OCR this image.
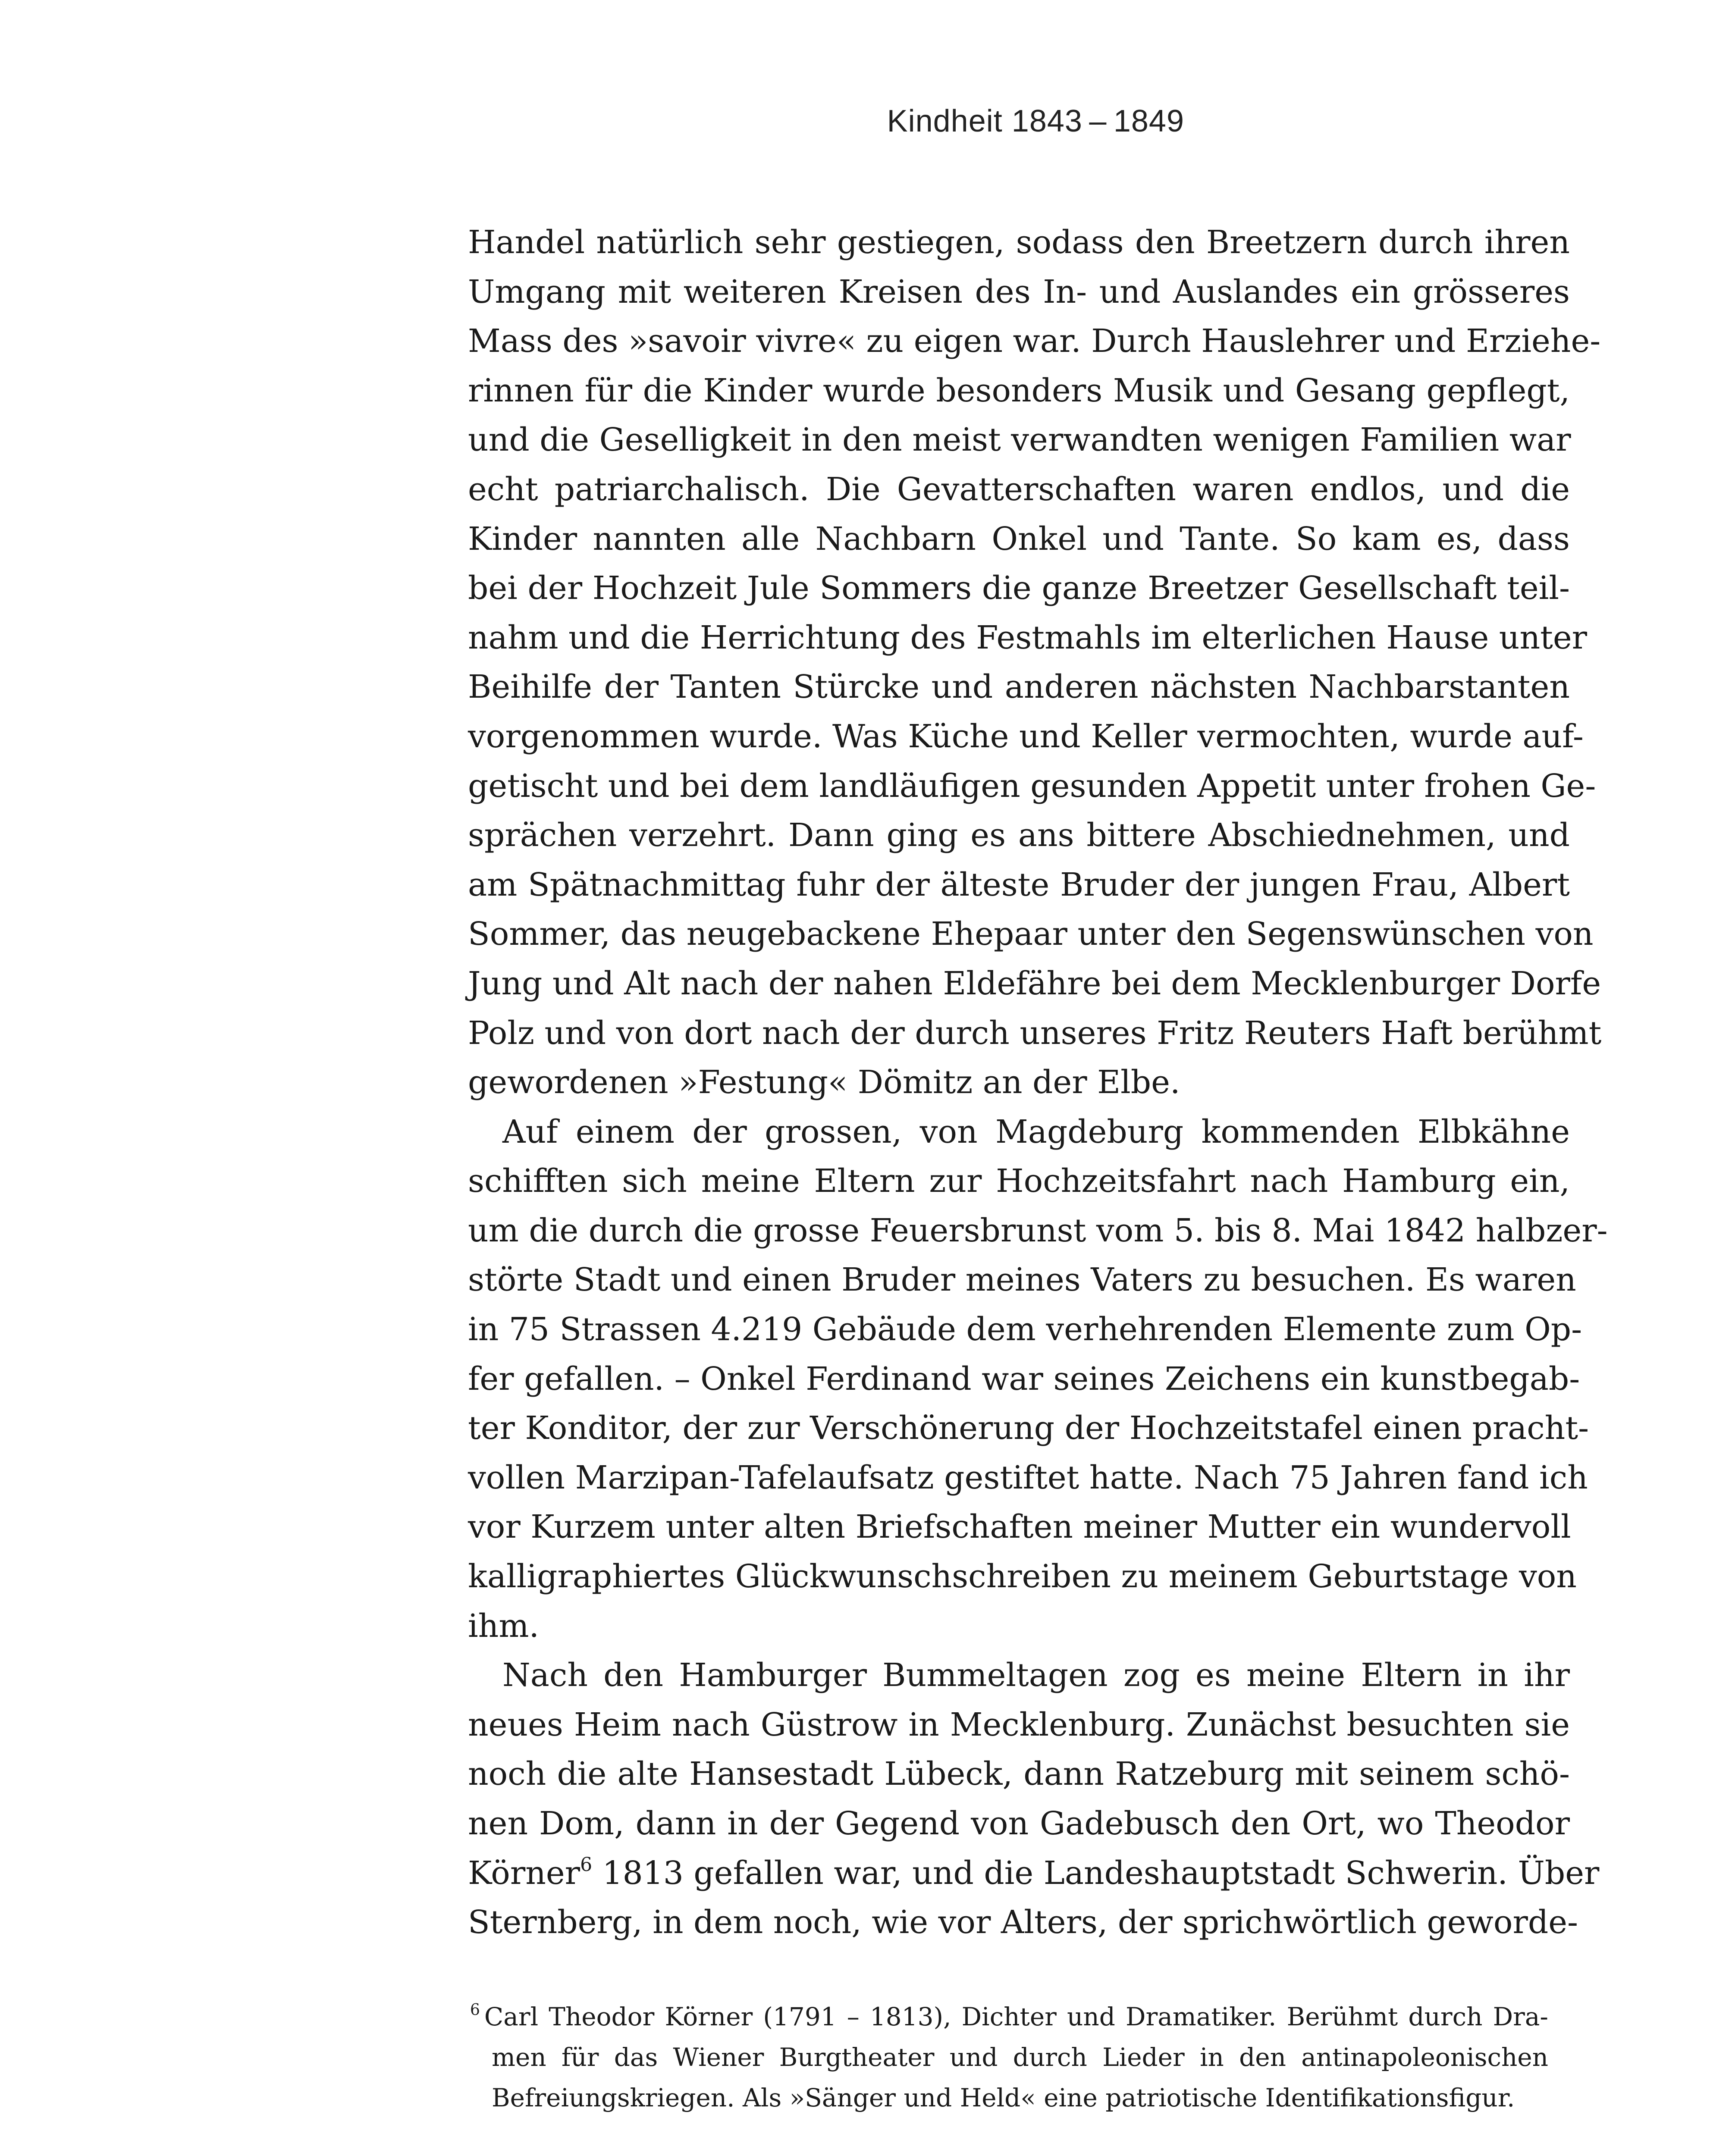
Kindheit 1843 – 1849
Handel natürlich sehr gestiegen, sodass den Breetzern durch ihren
Umgang mit weiteren Kreisen des In- und Auslandes ein grösseres
Mass des »savoir vivre« zu eigen war. Durch Hauslehrer und Erziehe-
rinnen für die Kinder wurde besonders Musik und Gesang gepflegt,
und die Geselligkeit in den meist verwandten wenigen Familien war
echt patriarchalisch. Die Gevatterschaften waren endlos, und die
Kinder nannten alle Nachbarn Onkel und Tante. So kam es, dass
bei der Hochzeit Jule Sommers die ganze Breetzer Gesellschaft teil-
nahm und die Herrichtung des Festmahls im elterlichen Hause unter
Beihilfe der Tanten Stürcke und anderen nächsten Nachbarstanten
vorgenommen wurde. Was Küche und Keller vermochten, wurde auf-
getischt und bei dem landläufigen gesunden Appetit unter frohen Ge-
sprächen verzehrt. Dann ging es ans bittere Abschiednehmen, und
am Spätnachmittag fuhr der älteste Bruder der jungen Frau, Albert
Sommer, das neugebackene Ehepaar unter den Segenswünschen von
Jung und Alt nach der nahen Eldefähre bei dem Mecklenburger Dorfe
Polz und von dort nach der durch unseres Fritz Reuters Haft berühmt
gewordenen »Festung« Dömitz an der Elbe.
Auf einem der grossen, von Magdeburg kommenden Elbkähne
schifften sich meine Eltern zur Hochzeitsfahrt nach Hamburg ein,
um die durch die grosse Feuersbrunst vom 5. bis 8. Mai 1842 halbzer-
störte Stadt und einen Bruder meines Vaters zu besuchen. Es waren
in 75 Strassen 4.219 Gebäude dem verhehrenden Elemente zum Op-
fer gefallen. – Onkel Ferdinand war seines Zeichens ein kunstbegab-
ter Konditor, der zur Verschönerung der Hochzeitstafel einen pracht-
vollen Marzipan-Tafelaufsatz gestiftet hatte. Nach 75 Jahren fand ich
vor Kurzem unter alten Briefschaften meiner Mutter ein wundervoll
kalligraphiertes Glückwunschschreiben zu meinem Geburtstage von
ihm.
Nach den Hamburger Bummeltagen zog es meine Eltern in ihr
neues Heim nach Güstrow in Mecklenburg. Zunächst besuchten sie
noch die alte Hansestadt Lübeck, dann Ratzeburg mit seinem schö-
nen Dom, dann in der Gegend von Gadebusch den Ort, wo Theodor
Körner$^6$ 1813 gefallen war, und die Landeshauptstadt Schwerin. Über
Sternberg, in dem noch, wie vor Alters, der sprichwörtlich geworde-
$^6$ Carl Theodor Körner (1791 – 1813), Dichter und Dramatiker. Berühmt durch Dra-
men für das Wiener Burgtheater und durch Lieder in den antinapoleonischen
Befreiungskriegen. Als »Sänger und Held« eine patriotische Identifikationsfigur.
